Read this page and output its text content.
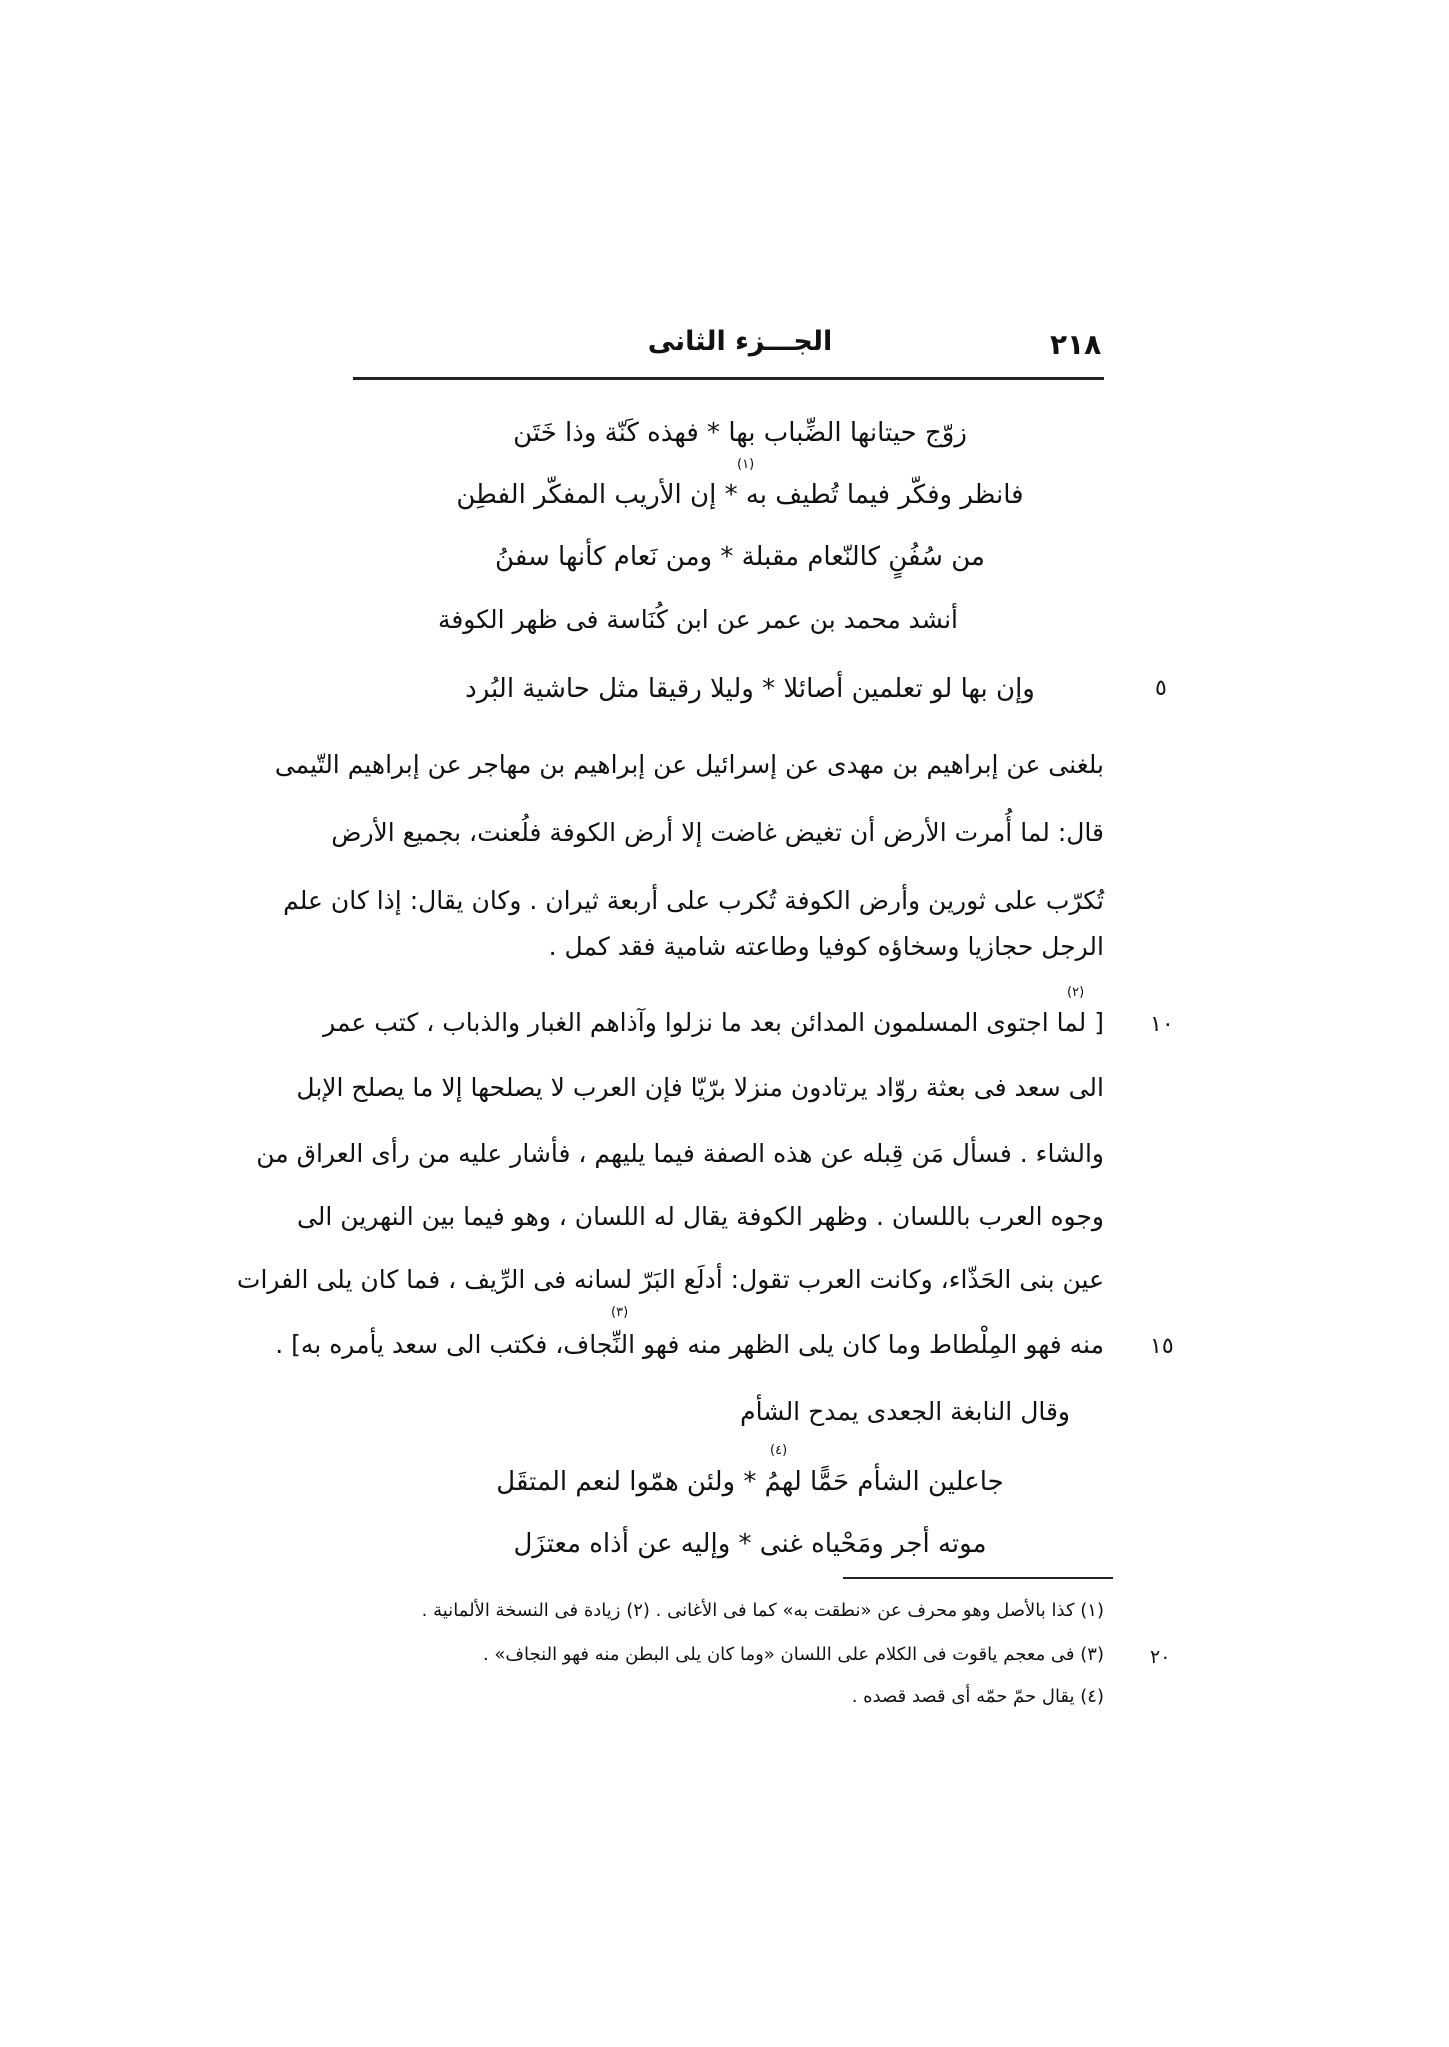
٢١٨
الجـــزء الثانى
زوّج حيتانها الضِّباب بها * فهذه كَنّة وذا خَتَن
(١)
فانظر وفكّر فيما تُطيف به * إن الأريب المفكّر الفطِن
من سُفُنٍ كالنّعام مقبلة * ومن نَعام كأنها سفنُ
أنشد محمد بن عمر عن ابن كُنَاسة فى ظهر الكوفة
وإن بها لو تعلمين أصائلا * وليلا رقيقا مثل حاشية البُرد	٥
بلغنى عن إبراهيم بن مهدى عن إسرائيل عن إبراهيم بن مهاجر عن إبراهيم التّيمى
قال: لما أُمرت الأرض أن تغيض غاضت إلا أرض الكوفة فلُعنت، بجميع الأرض
تُكرّب على ثورين وأرض الكوفة تُكرب على أربعة ثيران . وكان يقال: إذا كان علم
الرجل حجازيا وسخاؤه كوفيا وطاعته شامية فقد كمل .
(٢)
[ لما اجتوى المسلمون المدائن بعد ما نزلوا وآذاهم الغبار والذباب ، كتب عمر ١٠
الى سعد فى بعثة روّاد يرتادون منزلا برّيّا فإن العرب لا يصلحها إلا ما يصلح الإبل
والشاء . فسأل مَن قِبله عن هذه الصفة فيما يليهم ، فأشار عليه من رأى العراق من
وجوه العرب باللسان . وظهر الكوفة يقال له اللسان ، وهو فيما بين النهرين الى
عين بنى الحَذّاء، وكانت العرب تقول: أدلَع البَرّ لسانه فى الرِّيف ، فما كان يلى الفرات
(٣)
منه فهو المِلْطاط وما كان يلى الظهر منه فهو النِّجاف، فكتب الى سعد يأمره به] . ١٥
وقال النابغة الجعدى يمدح الشأم
(٤)
جاعلين الشأم حَمًّا لهمُ * ولئن همّوا لنعم المتقَل
موته أجر ومَحْياه غنى * وإليه عن أذاه معتزَل
(١) كذا بالأصل وهو محرف عن «نطقت به» كما فى الأغانى . (٢) زيادة فى النسخة الألمانية .
(٣) فى معجم ياقوت فى الكلام على اللسان «وما كان يلى البطن منه فهو النجاف» . ٢٠
(٤) يقال حمّ حمّه أى قصد قصده .
